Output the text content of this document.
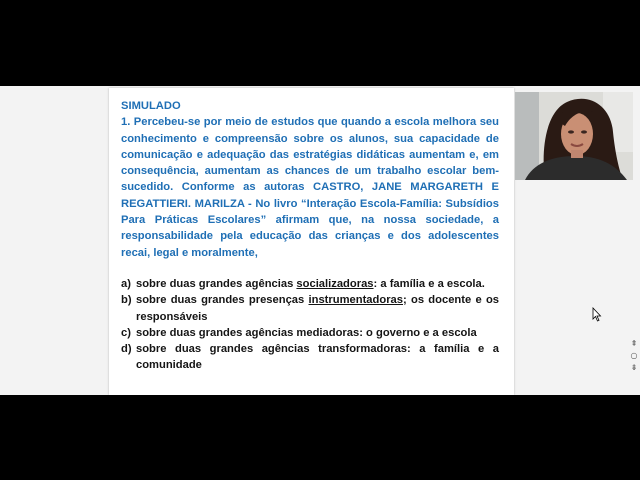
SIMULADO
1. Percebeu-se por meio de estudos que quando a escola melhora seu conhecimento e compreensão sobre os alunos, sua capacidade de comunicação e adequação das estratégias didáticas aumentam e, em consequência, aumentam as chances de um trabalho escolar bem-sucedido. Conforme as autoras CASTRO, JANE MARGARETH E REGATTIERI. MARILZA - No livro “Interação Escola-Família: Subsídios Para Práticas Escolares” afirmam que, na nossa sociedade, a responsabilidade pela educação das crianças e dos adolescentes recai, legal e moralmente,
a) sobre duas grandes agências socializadoras: a família e a escola.
b) sobre duas grandes presenças instrumentadoras; os docente e os responsáveis
c) sobre duas grandes agências mediadoras: o governo e a escola
d) sobre duas grandes agências transformadoras: a família e a comunidade
⇞
○
⇟
